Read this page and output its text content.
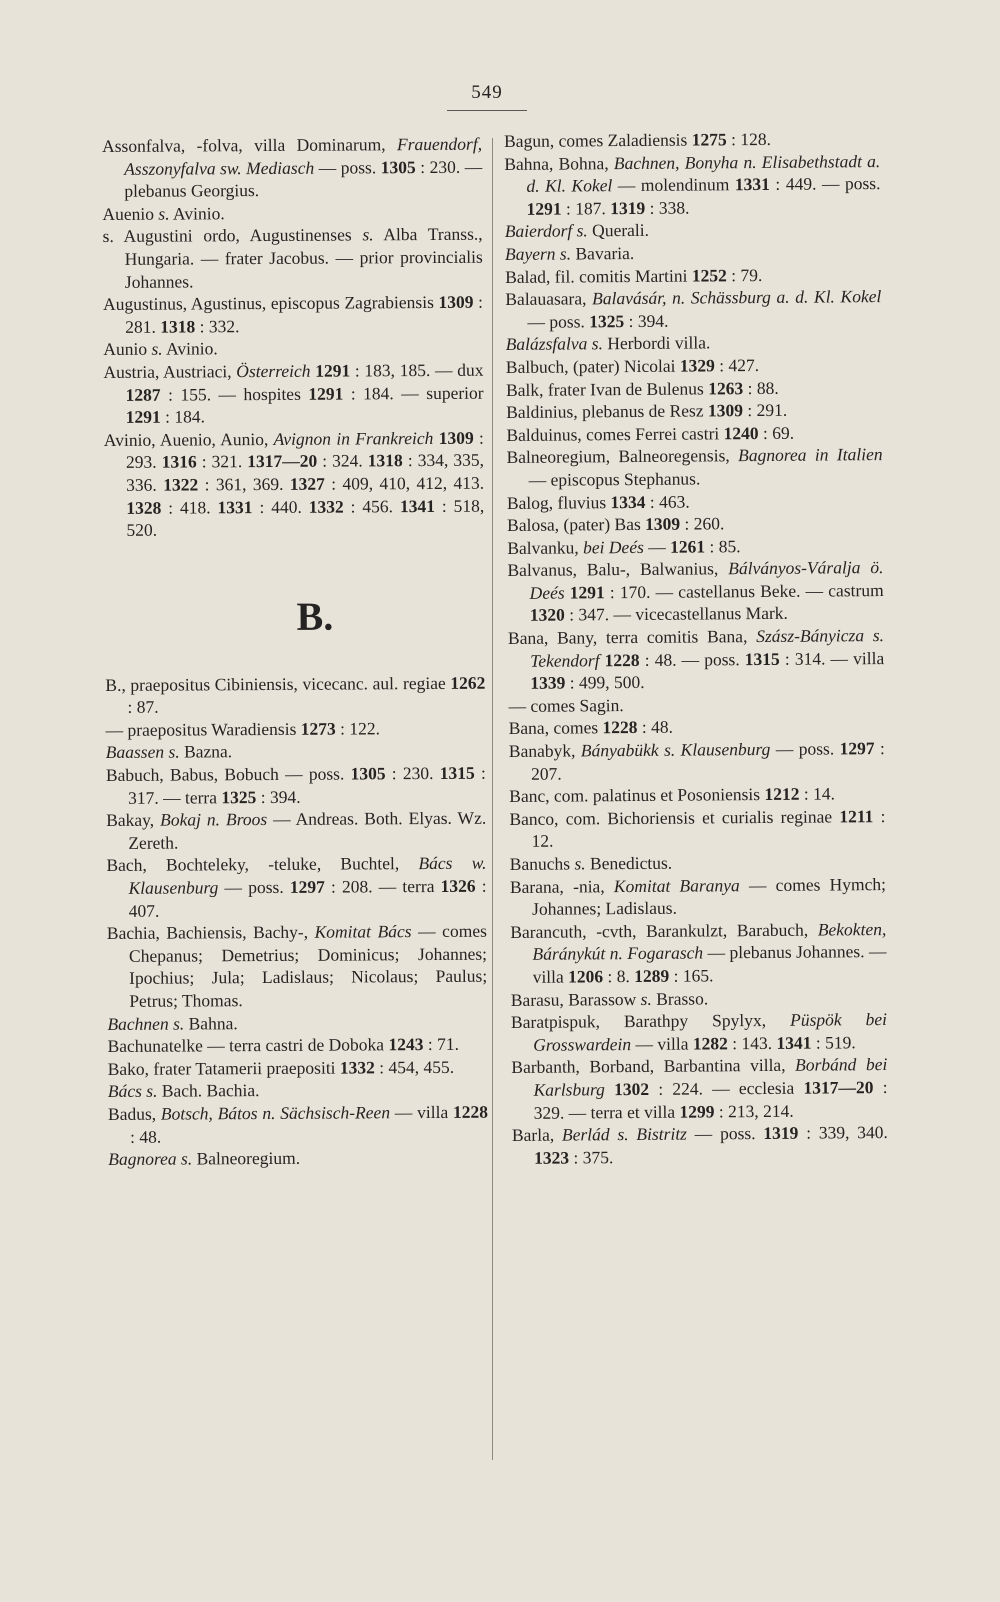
549

Assonfalva, -folva, villa Dominarum, Frauendorf, Asszonyfalva sw. Mediasch — poss. 1305 : 230. — plebanus Georgius.

Auenio s. Avinio.

s. Augustini ordo, Augustinenses s. Alba Transs., Hungaria. — frater Jacobus. — prior provincialis Johannes.

Augustinus, Agustinus, episcopus Zagrabiensis 1309 : 281. 1318 : 332.

Aunio s. Avinio.

Austria, Austriaci, Österreich 1291 : 183, 185. — dux 1287 : 155. — hospites 1291 : 184. — superior 1291 : 184.

Avinio, Auenio, Aunio, Avignon in Frankreich 1309 : 293. 1316 : 321. 1317—20 : 324. 1318 : 334, 335, 336. 1322 : 361, 369. 1327 : 409, 410, 412, 413. 1328 : 418. 1331 : 440. 1332 : 456. 1341 : 518, 520.

B.

B., praepositus Cibiniensis, vicecanc. aul. regiae 1262 : 87.

— praepositus Waradiensis 1273 : 122.

Baassen s. Bazna.

Babuch, Babus, Bobuch — poss. 1305 : 230. 1315 : 317. — terra 1325 : 394.

Bakay, Bokaj n. Broos — Andreas. Both. Elyas. Wz. Zereth.

Bach, Bochteleky, -teluke, Buchtel, Bács w. Klausenburg — poss. 1297 : 208. — terra 1326 : 407.

Bachia, Bachiensis, Bachy-, Komitat Bács — comes Chepanus; Demetrius; Dominicus; Johannes; Ipochius; Jula; Ladislaus; Nicolaus; Paulus; Petrus; Thomas.

Bachnen s. Bahna.

Bachunatelke — terra castri de Doboka 1243 : 71.

Bako, frater Tatamerii praepositi 1332 : 454, 455.

Bács s. Bach. Bachia.

Badus, Botsch, Bátos n. Sächsisch-Reen — villa 1228 : 48.

Bagnorea s. Balneoregium.

Bagun, comes Zaladiensis 1275 : 128.

Bahna, Bohna, Bachnen, Bonyha n. Elisabethstadt a. d. Kl. Kokel — molendinum 1331 : 449. — poss. 1291 : 187. 1319 : 338.

Baierdorf s. Querali.

Bayern s. Bavaria.

Balad, fil. comitis Martini 1252 : 79.

Balauasara, Balavásár, n. Schässburg a. d. Kl. Kokel — poss. 1325 : 394.

Balázsfalva s. Herbordi villa.

Balbuch, (pater) Nicolai 1329 : 427.

Balk, frater Ivan de Bulenus 1263 : 88.

Baldinius, plebanus de Resz 1309 : 291.

Balduinus, comes Ferrei castri 1240 : 69.

Balneoregium, Balneoregensis, Bagnorea in Italien — episcopus Stephanus.

Balog, fluvius 1334 : 463.

Balosa, (pater) Bas 1309 : 260.

Balvanku, bei Deés — 1261 : 85.

Balvanus, Balu-, Balwanius, Bálványos-Váralja ö. Deés 1291 : 170. — castellanus Beke. — castrum 1320 : 347. — vicecastellanus Mark.

Bana, Bany, terra comitis Bana, Szász-Bányicza s. Tekendorf 1228 : 48. — poss. 1315 : 314. — villa 1339 : 499, 500.

— comes Sagin.

Bana, comes 1228 : 48.

Banabyk, Bányabükk s. Klausenburg — poss. 1297 : 207.

Banc, com. palatinus et Posoniensis 1212 : 14.

Banco, com. Bichoriensis et curialis reginae 1211 : 12.

Banuchs s. Benedictus.

Barana, -nia, Komitat Baranya — comes Hymch; Johannes; Ladislaus.

Barancuth, -cvth, Barankulzt, Barabuch, Bekokten, Báránykút n. Fogarasch — plebanus Johannes. — villa 1206 : 8. 1289 : 165.

Barasu, Barassow s. Brasso.

Baratpispuk, Barathpy Spylyx, Püspök bei Grosswardein — villa 1282 : 143. 1341 : 519.

Barbanth, Borband, Barbantina villa, Borbánd bei Karlsburg 1302 : 224. — ecclesia 1317—20 : 329. — terra et villa 1299 : 213, 214.

Barla, Berlád s. Bistritz — poss. 1319 : 339, 340. 1323 : 375.
